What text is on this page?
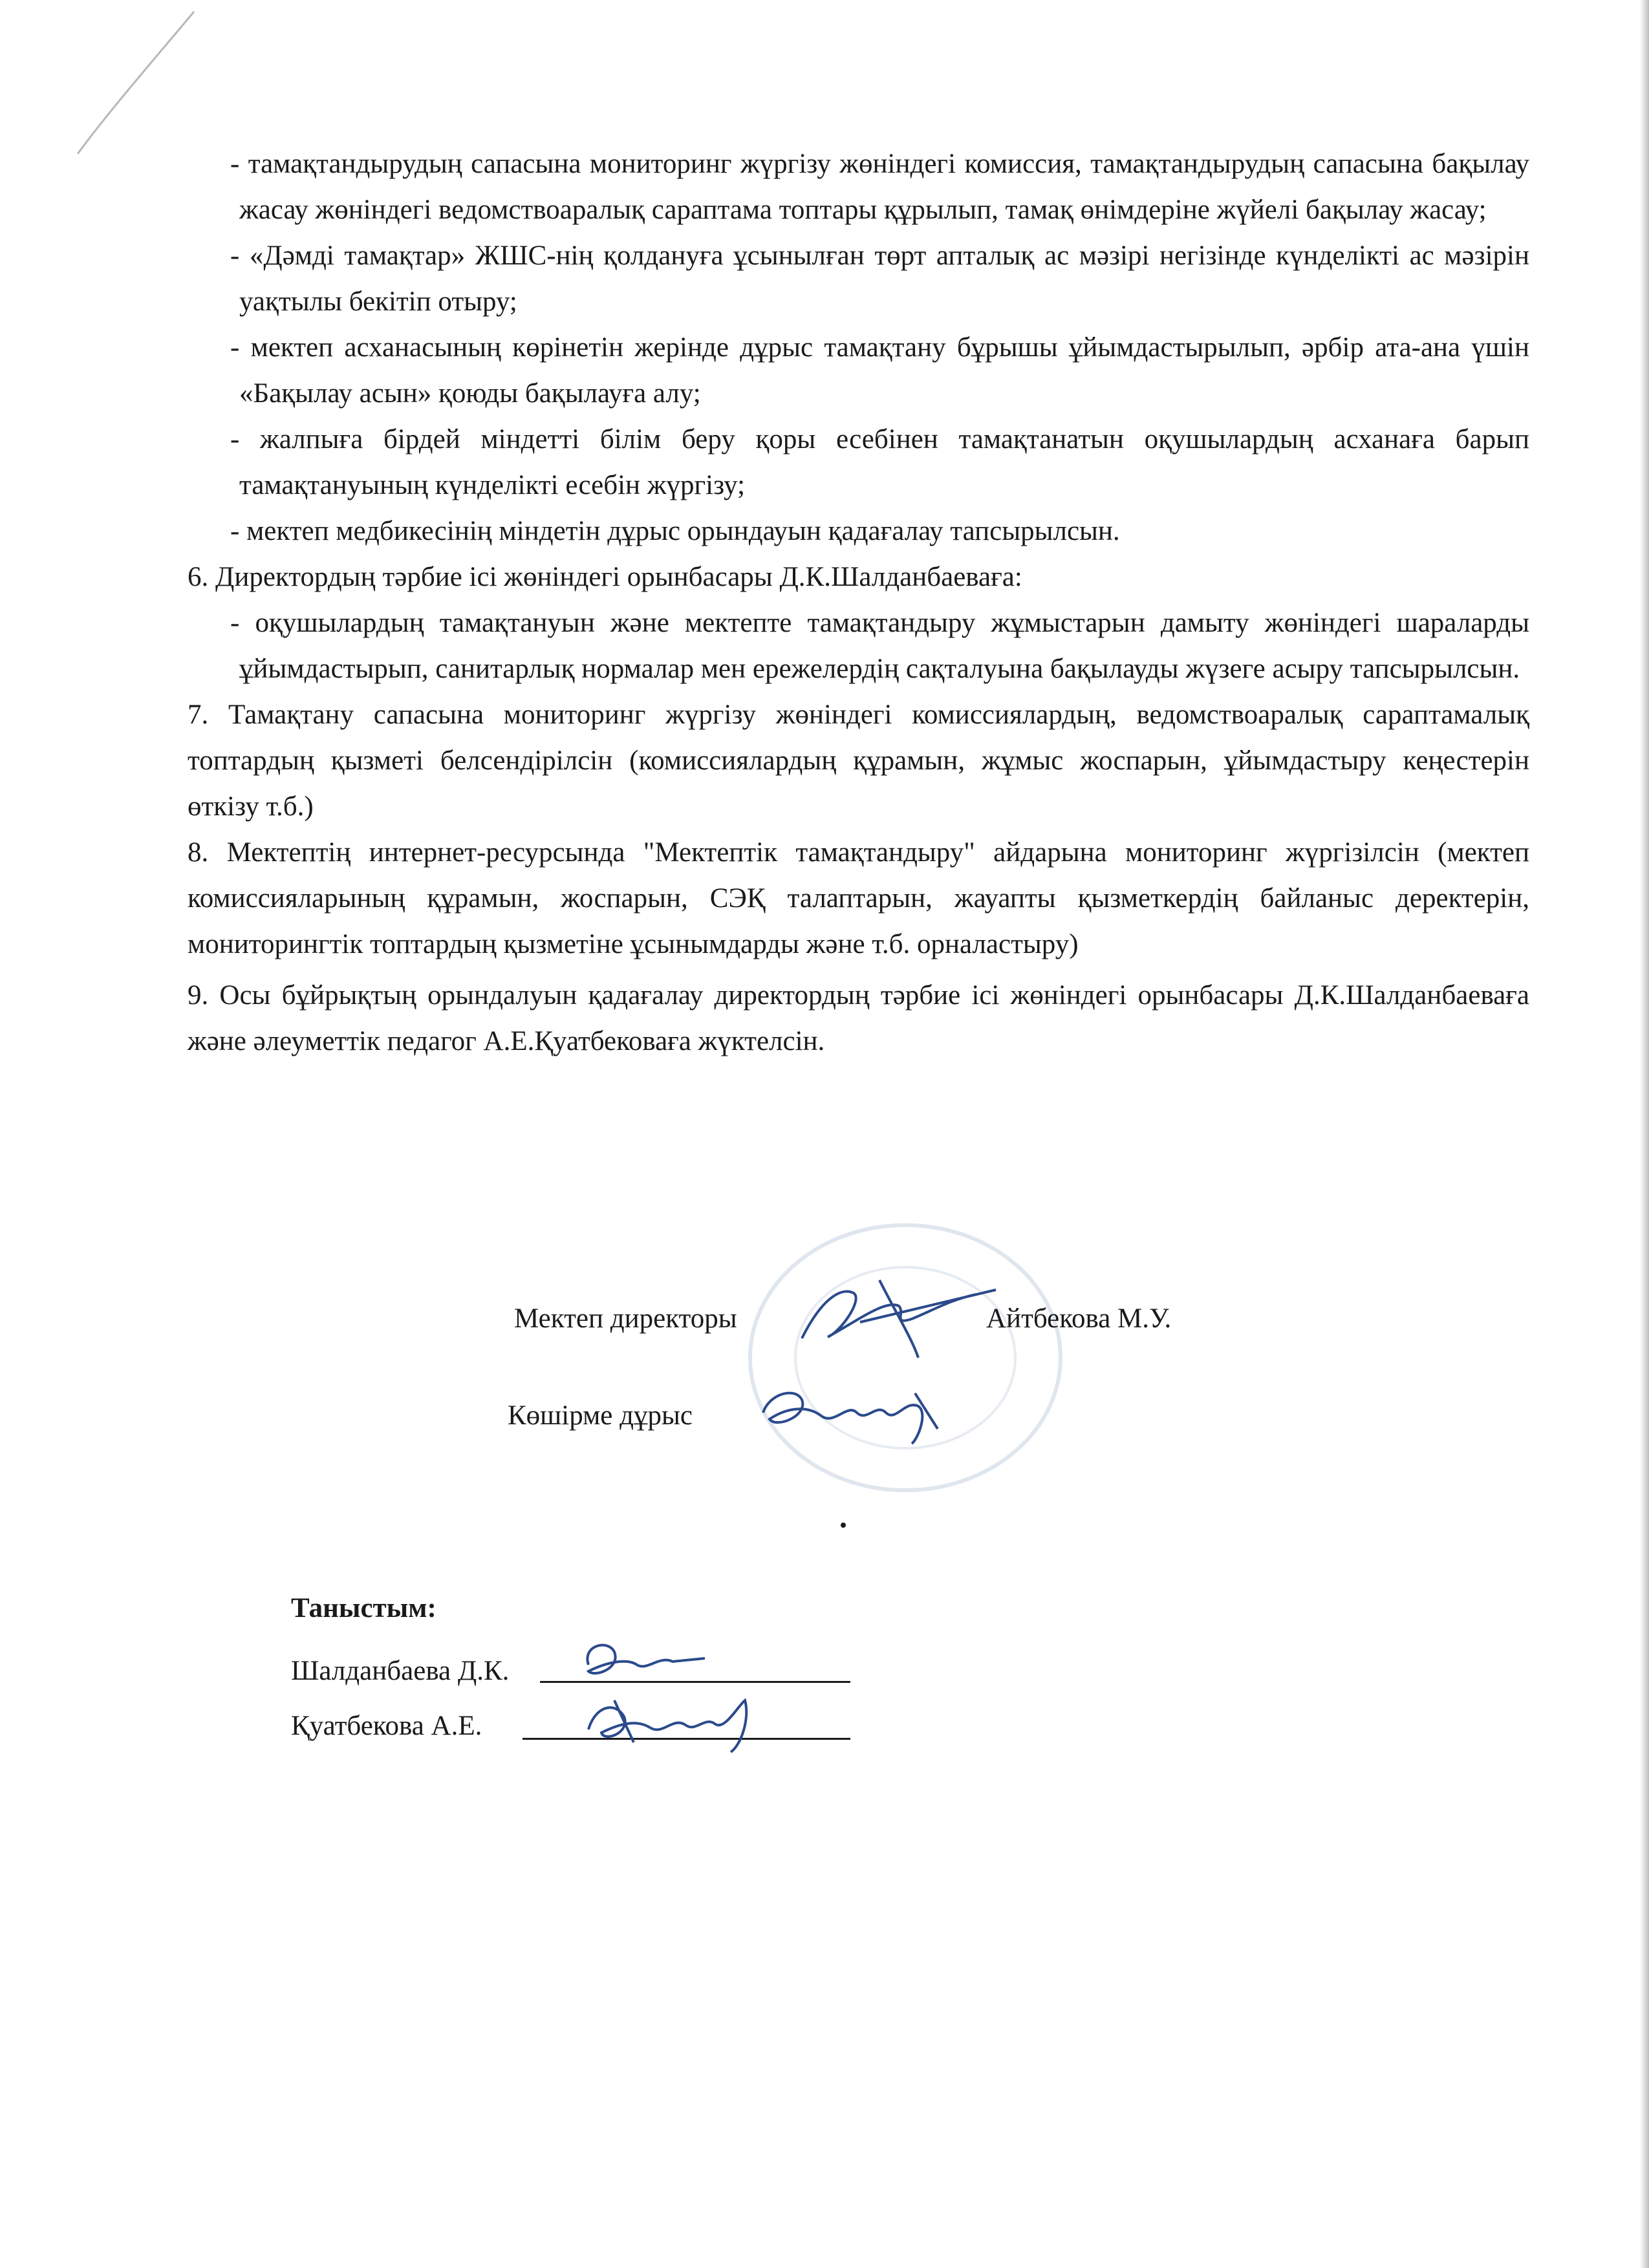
- тамақтандырудың сапасына мониторинг жүргізу жөніндегі комиссия, тамақтандырудың сапасына бақылау жасау жөніндегі ведомствоаралық сараптама топтары құрылып, тамақ өнімдеріне жүйелі бақылау жасау;

- «Дәмді тамақтар» ЖШС-нің қолдануға ұсынылған төрт апталық ас мәзірі негізінде күнделікті ас мәзірін уақтылы бекітіп отыру;

- мектеп асханасының көрінетін жерінде дұрыс тамақтану бұрышы ұйымдастырылып, әрбір ата-ана үшін «Бақылау асын» қоюды бақылауға алу;

- жалпыға бірдей міндетті білім беру қоры есебінен тамақтанатын оқушылардың асханаға барып тамақтануының күнделікті есебін жүргізу;

- мектеп медбикесінің міндетін дұрыс орындауын қадағалау тапсырылсын.

6. Директордың тәрбие ісі жөніндегі орынбасары Д.К.Шалданбаеваға:

- оқушылардың тамақтануын және мектепте тамақтандыру жұмыстарын дамыту жөніндегі шараларды ұйымдастырып, санитарлық нормалар мен ережелердің сақталуына бақылауды жүзеге асыру тапсырылсын.

7. Тамақтану сапасына мониторинг жүргізу жөніндегі комиссиялардың, ведомствоаралық сараптамалық топтардың қызметі белсендірілсін (комиссиялардың құрамын, жұмыс жоспарын, ұйымдастыру кеңестерін өткізу т.б.)

8. Мектептің интернет-ресурсында "Мектептік тамақтандыру" айдарына мониторинг жүргізілсін (мектеп комиссияларының құрамын, жоспарын, СЭҚ талаптарын, жауапты қызметкердің байланыс деректерін, мониторингтік топтардың қызметіне ұсынымдарды және т.б. орналастыру)

9. Осы бұйрықтың орындалуын қадағалау директордың тәрбие ісі жөніндегі орынбасары Д.К.Шалданбаеваға және әлеуметтік педагог А.Е.Қуатбековаға жүктелсін.

Мектеп директоры	Айтбекова М.У.
Көшірме дұрыс
Таныстым:
Шалданбаева Д.К.
Қуатбекова А.Е.
